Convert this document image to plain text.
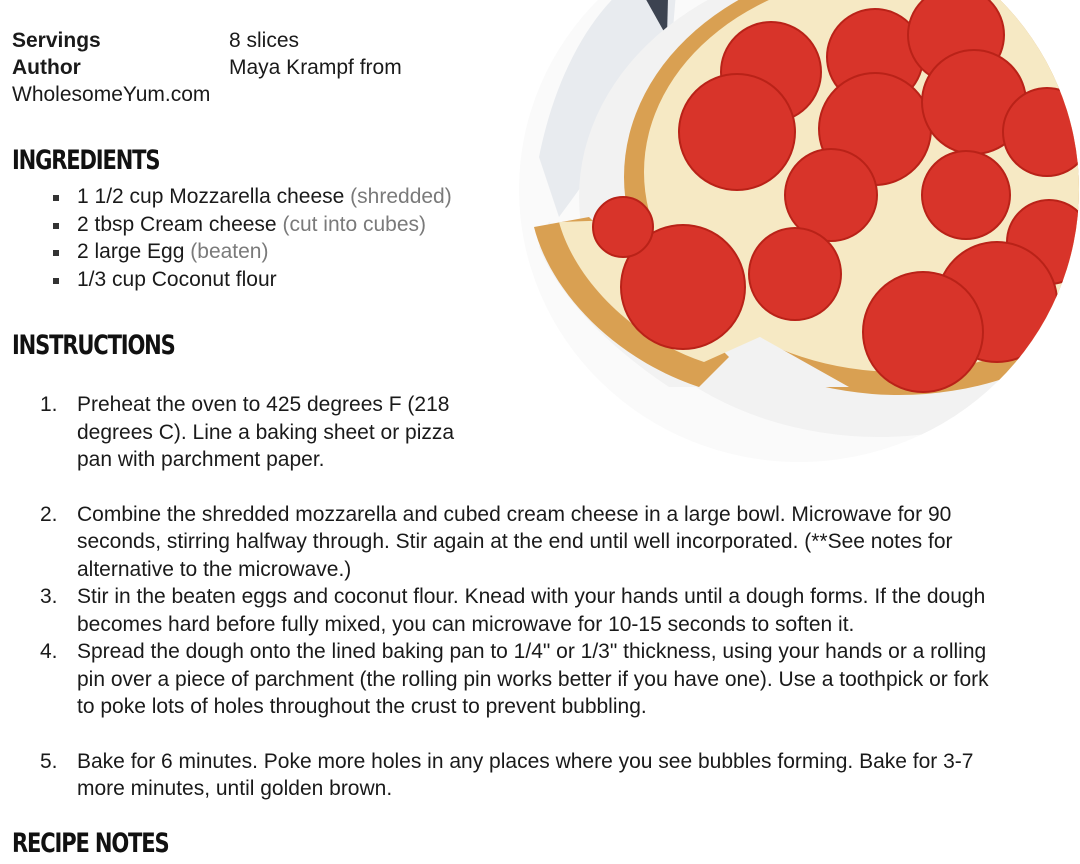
Servings	8 slices
Author	Maya Krampf from
WholesomeYum.com
INGREDIENTS
1 1/2 cup Mozzarella cheese (shredded)
2 tbsp Cream cheese (cut into cubes)
2 large Egg (beaten)
1/3 cup Coconut flour
INSTRUCTIONS
1. Preheat the oven to 425 degrees F (218
degrees C). Line a baking sheet or pizza
pan with parchment paper.
2. Combine the shredded mozzarella and cubed cream cheese in a large bowl. Microwave for 90
seconds, stirring halfway through. Stir again at the end until well incorporated. (**See notes for
alternative to the microwave.)
3. Stir in the beaten eggs and coconut flour. Knead with your hands until a dough forms. If the dough
becomes hard before fully mixed, you can microwave for 10-15 seconds to soften it.
4. Spread the dough onto the lined baking pan to 1/4" or 1/3" thickness, using your hands or a rolling
pin over a piece of parchment (the rolling pin works better if you have one). Use a toothpick or fork
to poke lots of holes throughout the crust to prevent bubbling.
5. Bake for 6 minutes. Poke more holes in any places where you see bubbles forming. Bake for 3-7
more minutes, until golden brown.
RECIPE NOTES
